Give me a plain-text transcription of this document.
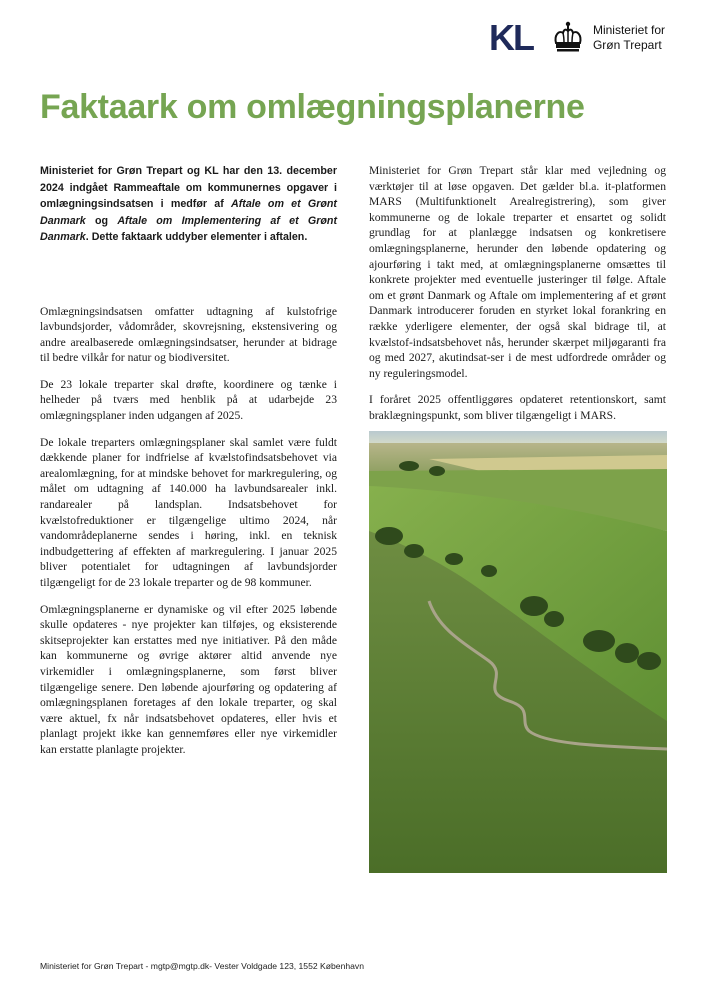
KL	Ministeriet for
Grøn Trepart
Faktaark om omlægningsplanerne

Ministeriet for Grøn Trepart og KL har den 13. december 2024 indgået Rammeaftale om kommunernes opgaver i omlægningsindsatsen i medfør af Aftale om et Grønt Danmark og Aftale om Implementering af et Grønt Danmark. Dette faktaark uddyber elementer i aftalen.

Omlægningsindsatsen omfatter udtagning af kulstofrige lavbundsjorder, vådområder, skovrejsning, ekstensivering og andre arealbaserede omlægningsindsatser, herunder at bidrage til bedre vilkår for natur og biodiversitet.

De 23 lokale treparter skal drøfte, koordinere og tænke i helheder på tværs med henblik på at udarbejde 23 omlægningsplaner inden udgangen af 2025.

De lokale treparters omlægningsplaner skal samlet være fuldt dækkende planer for indfrielse af kvælstofindsatsbehovet via arealomlægning, for at mindske behovet for markregulering, og målet om udtagning af 140.000 ha lavbundsarealer inkl. randarealer på landsplan. Indsatsbehovet for kvælstofreduktioner er tilgængelige ultimo 2024, når vandområdeplanerne sendes i høring, inkl. en teknisk indbudgettering af effekten af markregulering. I januar 2025 bliver potentialet for udtagningen af lavbundsjorder tilgængeligt for de 23 lokale treparter og de 98 kommuner.

Omlægningsplanerne er dynamiske og vil efter 2025 løbende skulle opdateres - nye projekter kan tilføjes, og eksisterende skitseprojekter kan erstattes med nye initiativer. På den måde kan kommunerne og øvrige aktører altid anvende nye virkemidler i omlægningsplanerne, som først bliver tilgængelige senere. Den løbende ajourføring og opdatering af omlægningsplanen foretages af den lokale treparter, og skal være aktuel, fx når indsatsbehovet opdateres, eller hvis et planlagt projekt ikke kan gennemføres eller nye virkemidler kan erstatte planlagte projekter.

Ministeriet for Grøn Trepart står klar med vejledning og værktøjer til at løse opgaven. Det gælder bl.a. it-platformen MARS (Multifunktionelt Arealregistrering), som giver kommunerne og de lokale treparter et ensartet og solidt grundlag for at planlægge indsatsen og konkretisere omlægningsplanerne, herunder den løbende opdatering og ajourføring i takt med, at omlægningsplanerne omsættes til konkrete projekter med eventuelle justeringer til følge. Aftale om et grønt Danmark og Aftale om implementering af et grønt Danmark introducerer foruden en styrket lokal forankring en række yderligere elementer, der også skal bidrage til, at kvælstof-indsatsbehovet nås, herunder skærpet miljøgaranti fra og med 2027, akutindsat-ser i de mest udfordrede områder og ny reguleringsmodel.

I foråret 2025 offentliggøres opdateret retentionskort, samt braklægningspunkt, som bliver tilgængeligt i MARS.

Ministeriet for Grøn Trepart - mgtp@mgtp.dk- Vester Voldgade 123, 1552 København
